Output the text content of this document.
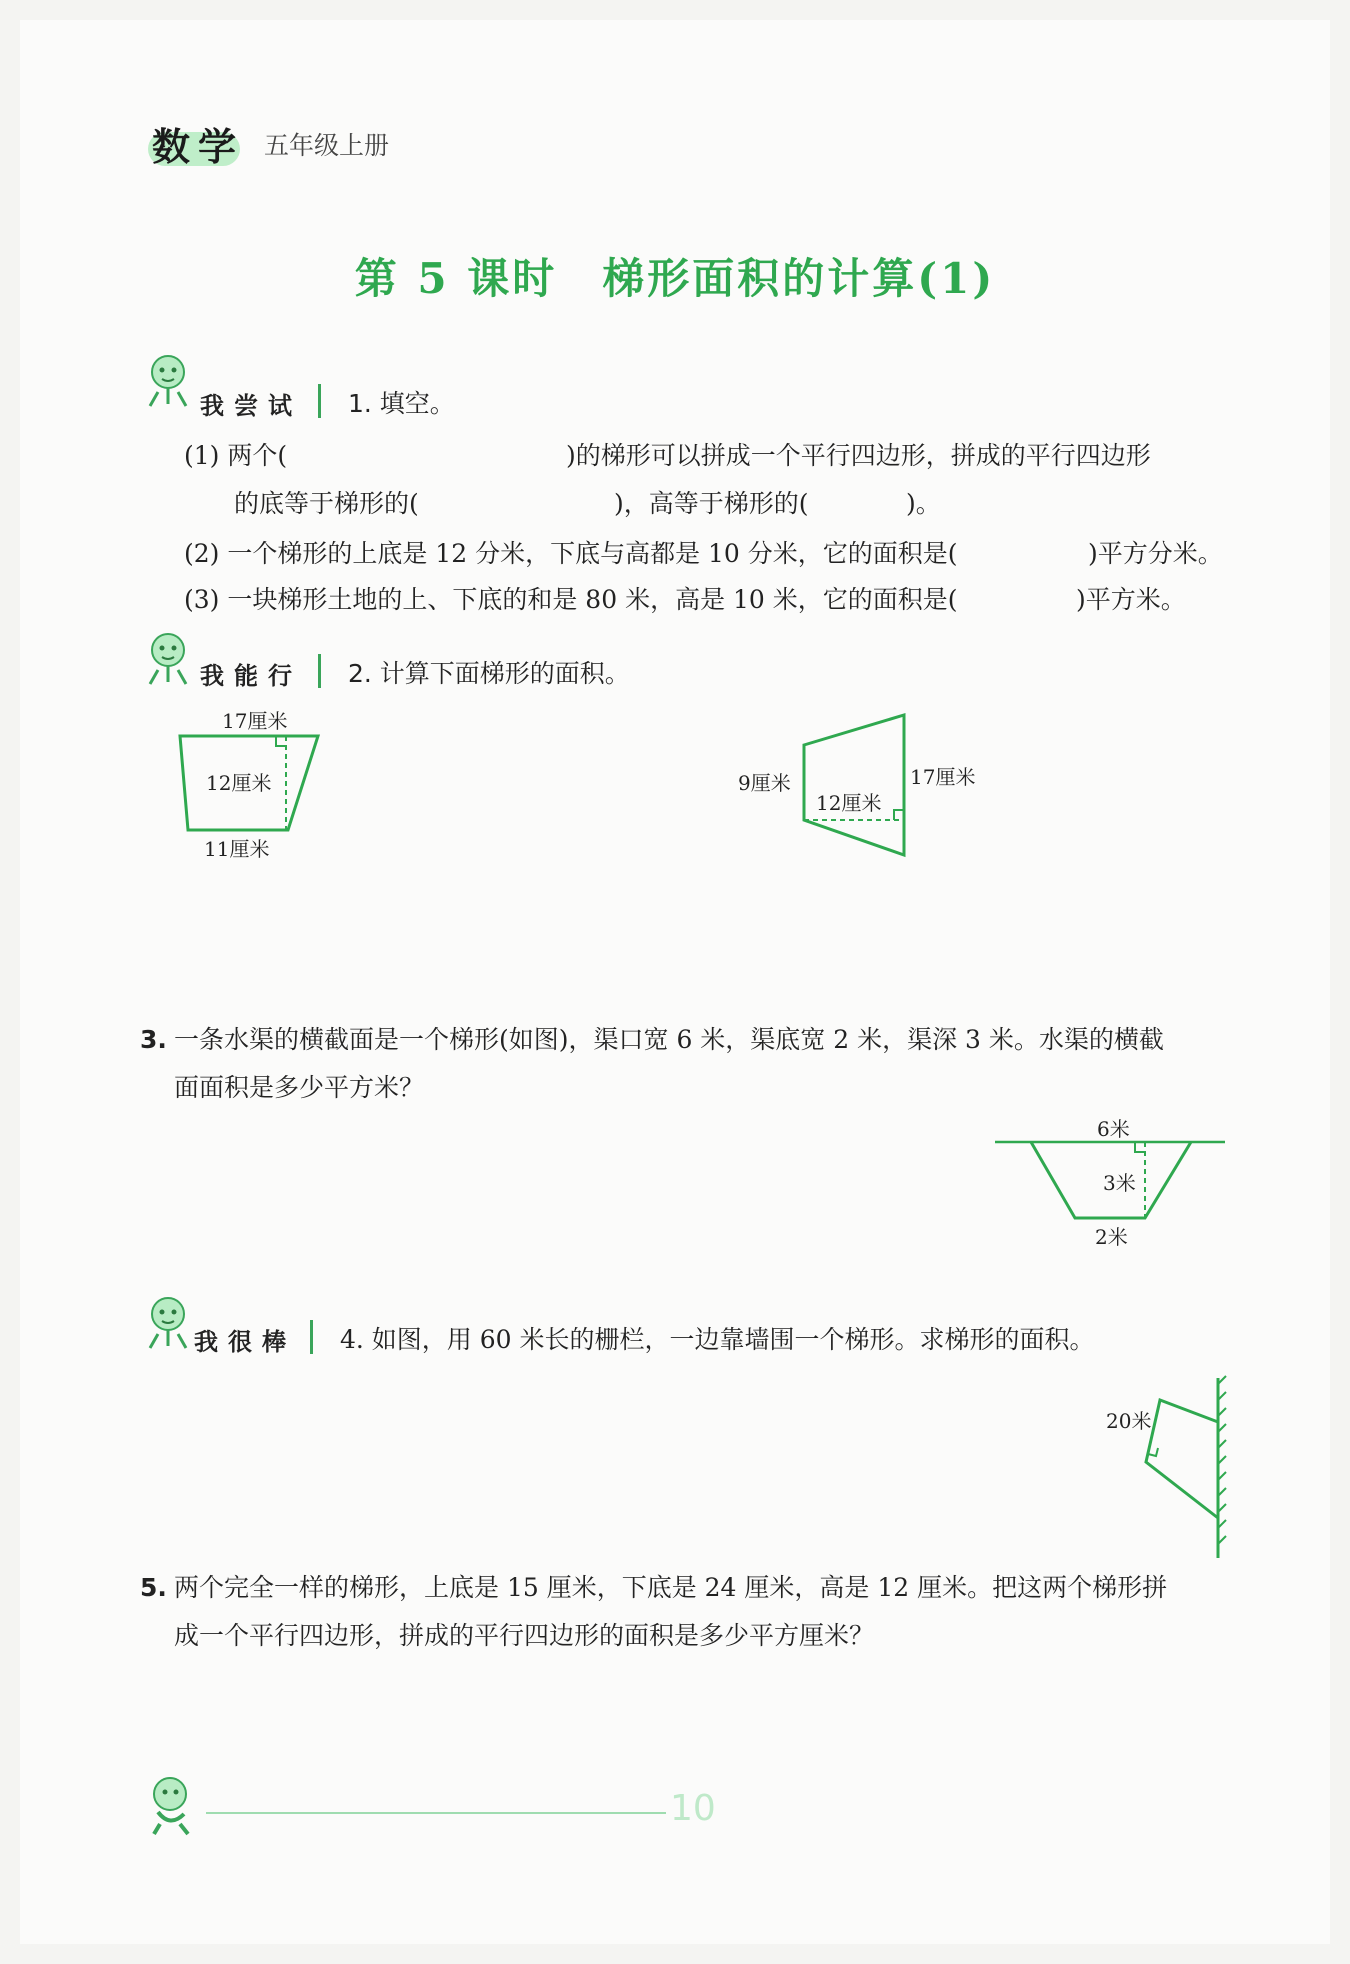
数学 五年级上册
第 5 课时　梯形面积的计算(1)
我尝试 1. 填空。
(1) 两个(	)的梯形可以拼成一个平行四边形，拼成的平行四边形
的底等于梯形的(	)，高等于梯形的(	)。
(2) 一个梯形的上底是 12 分米，下底与高都是 10 分米，它的面积是(	)平方分米。
(3) 一块梯形土地的上、下底的和是 80 米，高是 10 米，它的面积是(	)平方米。
我能行 2. 计算下面梯形的面积。
17厘米
12厘米
11厘米
9厘米
12厘米
17厘米
3. 一条水渠的横截面是一个梯形(如图)，渠口宽 6 米，渠底宽 2 米，渠深 3 米。水渠的横截
面面积是多少平方米？
6米
3米
2米
我很棒 4. 如图，用 60 米长的栅栏，一边靠墙围一个梯形。求梯形的面积。
20米
5. 两个完全一样的梯形，上底是 15 厘米，下底是 24 厘米，高是 12 厘米。把这两个梯形拼
成一个平行四边形，拼成的平行四边形的面积是多少平方厘米？
10
